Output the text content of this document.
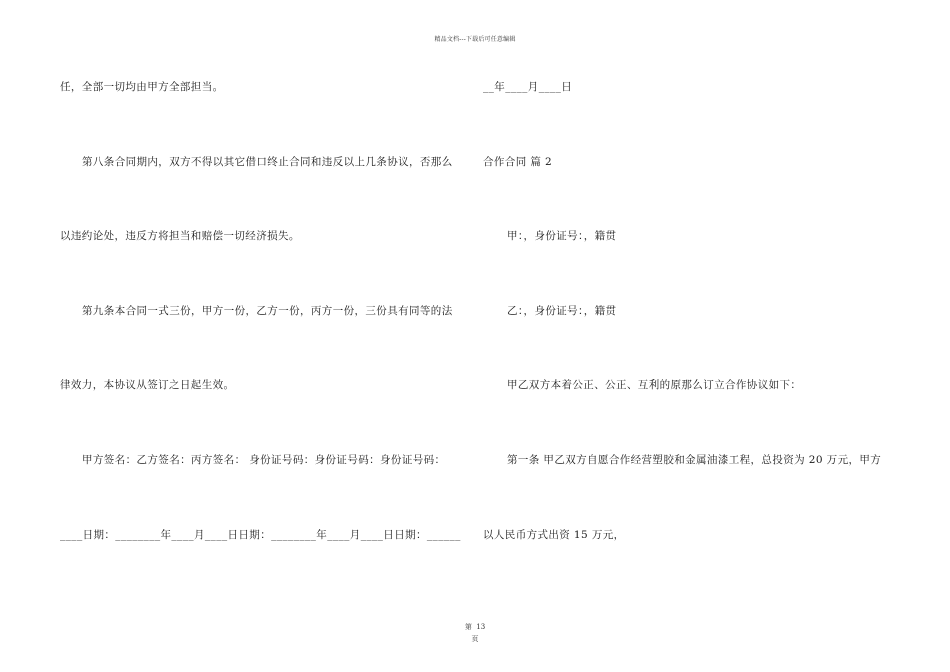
精品文档---下载后可任意编辑
任，全部一切均由甲方全部担当。
第八条合同期内，双方不得以其它借口终止合同和违反以上几条协议，否那么
以违约论处，违反方将担当和赔偿一切经济损失。
第九条本合同一式三份，甲方一份，乙方一份，丙方一份，三份具有同等的法
律效力，本协议从签订之日起生效。
甲方签名：乙方签名：丙方签名： 身份证号码：身份证号码：身份证号码：
____日期：________年____月____日日期：________年____月____日日期：______
__年____月____日
合作合同 篇 2
甲：，身份证号：，籍贯
乙：，身份证号：，籍贯
甲乙双方本着公正、公正、互利的原那么订立合作协议如下：
第一条 甲乙双方自愿合作经营塑胶和金属油漆工程，总投资为 20 万元，甲方
以人民币方式出资 15 万元，
第  13
页
